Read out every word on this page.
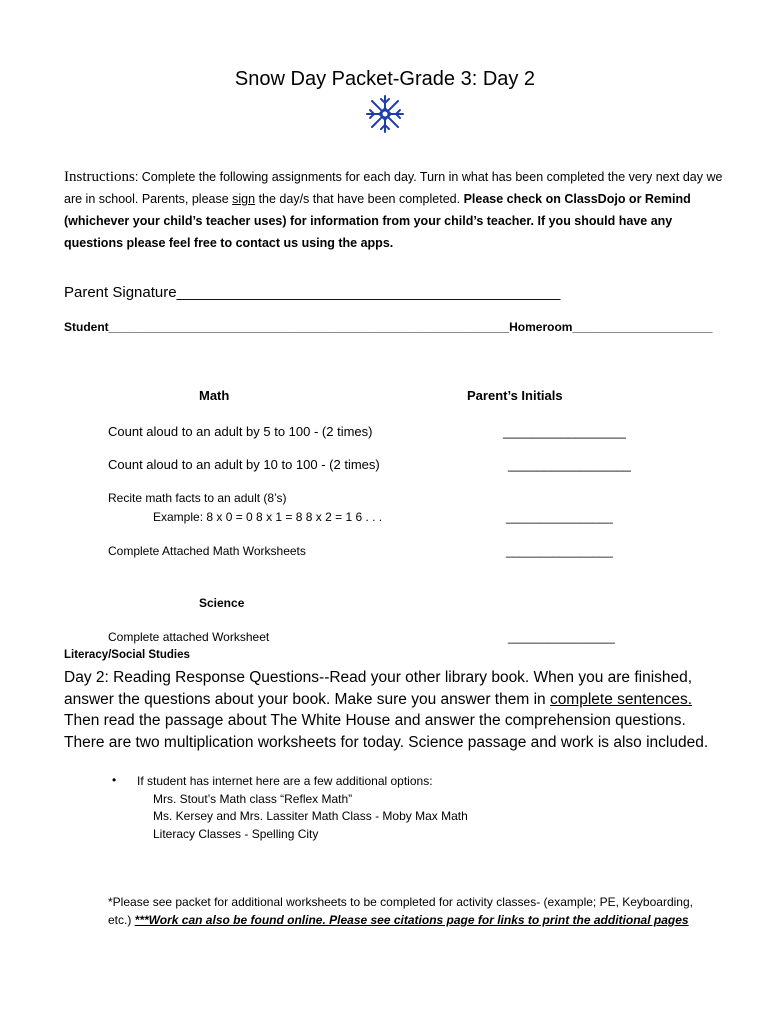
Snow Day Packet-Grade 3: Day 2
Instructions: Complete the following assignments for each day. Turn in what has been completed the very next day we are in school. Parents, please sign the day/s that have been completed. Please check on ClassDojo or Remind (whichever your child’s teacher uses) for information from your child’s teacher. If you should have any questions please feel free to contact us using the apps.
Parent Signature______________________________________________
Student____________________________________________________________Homeroom_____________________
Math	Parent’s Initials
Count aloud to an adult by 5 to 100 - (2 times)	_________________
Count aloud to an adult by 10 to 100 - (2 times)	_________________
Recite math facts to an adult (8’s)
Example: 8 x 0 = 0 8 x 1 = 8 8 x 2 = 1 6 . . .	________________
Complete Attached Math Worksheets	________________
Science
Complete attached Worksheet	________________
Literacy/Social Studies
Day 2: Reading Response Questions--Read your other library book. When you are finished, answer the questions about your book. Make sure you answer them in complete sentences. Then read the passage about The White House and answer the comprehension questions. There are two multiplication worksheets for today. Science passage and work is also included.
• If student has internet here are a few additional options:
Mrs. Stout’s Math class “Reflex Math”
Ms. Kersey and Mrs. Lassiter Math Class - Moby Max Math
Literacy Classes - Spelling City
*Please see packet for additional worksheets to be completed for activity classes- (example; PE, Keyboarding, etc.) ***Work can also be found online. Please see citations page for links to print the additional pages
